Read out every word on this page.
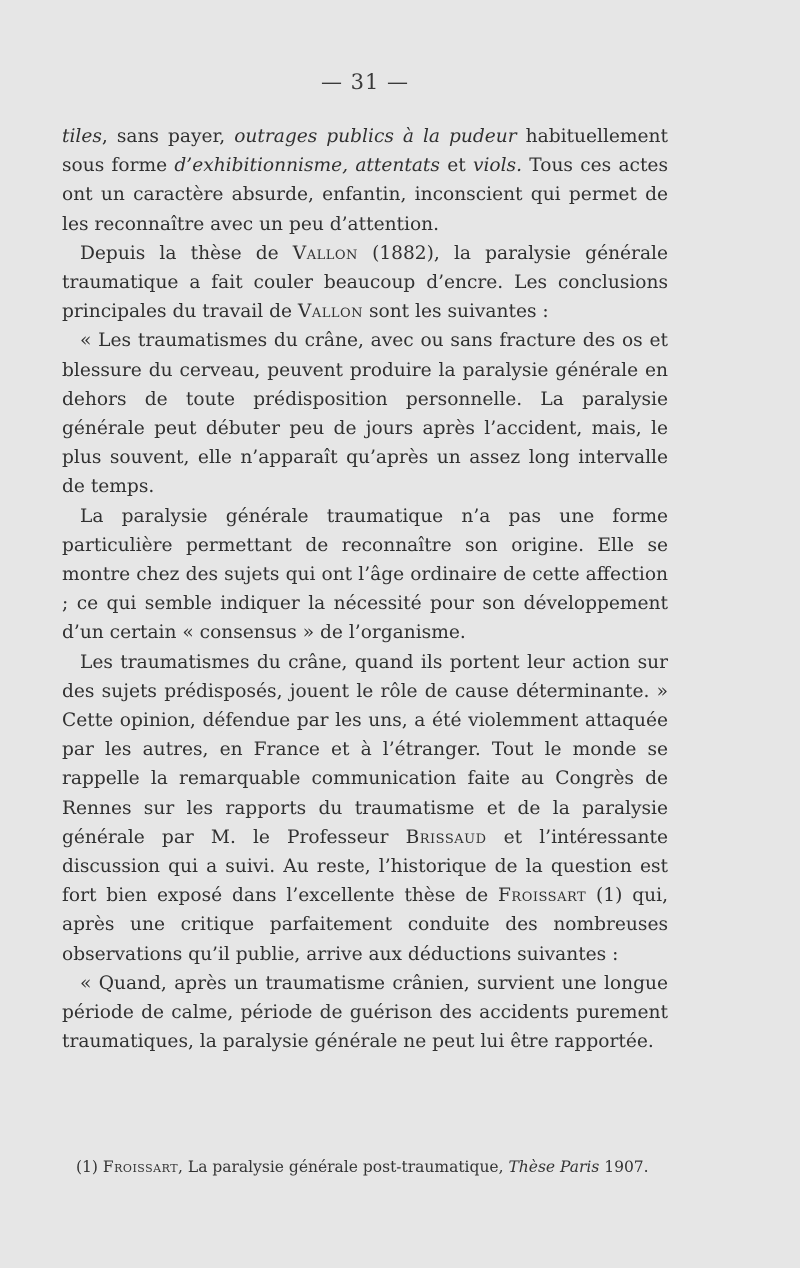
— 31 —

tiles, sans payer, outrages publics à la pudeur habituellement sous forme d’exhibitionnisme, attentats et viols. Tous ces actes ont un caractère absurde, enfantin, inconscient qui permet de les reconnaître avec un peu d’attention.

Depuis la thèse de Vallon (1882), la paralysie générale traumatique a fait couler beaucoup d’encre. Les conclusions principales du travail de Vallon sont les suivantes :

« Les traumatismes du crâne, avec ou sans fracture des os et blessure du cerveau, peuvent produire la paralysie générale en dehors de toute prédisposition personnelle. La paralysie générale peut débuter peu de jours après l’accident, mais, le plus souvent, elle n’apparaît qu’après un assez long intervalle de temps.

La paralysie générale traumatique n’a pas une forme particulière permettant de reconnaître son origine. Elle se montre chez des sujets qui ont l’âge ordinaire de cette affection ; ce qui semble indiquer la nécessité pour son développement d’un certain « consensus » de l’organisme.

Les traumatismes du crâne, quand ils portent leur action sur des sujets prédisposés, jouent le rôle de cause déterminante. » Cette opinion, défendue par les uns, a été violemment attaquée par les autres, en France et à l’étranger. Tout le monde se rappelle la remarquable communication faite au Congrès de Rennes sur les rapports du traumatisme et de la paralysie générale par M. le Professeur Brissaud et l’intéressante discussion qui a suivi. Au reste, l’historique de la question est fort bien exposé dans l’excellente thèse de Froissart (1) qui, après une critique parfaitement conduite des nombreuses observations qu’il publie, arrive aux déductions suivantes :

« Quand, après un traumatisme crânien, survient une longue période de calme, période de guérison des accidents purement traumatiques, la paralysie générale ne peut lui être rapportée.

(1) Froissart, La paralysie générale post-traumatique, Thèse Paris 1907.
